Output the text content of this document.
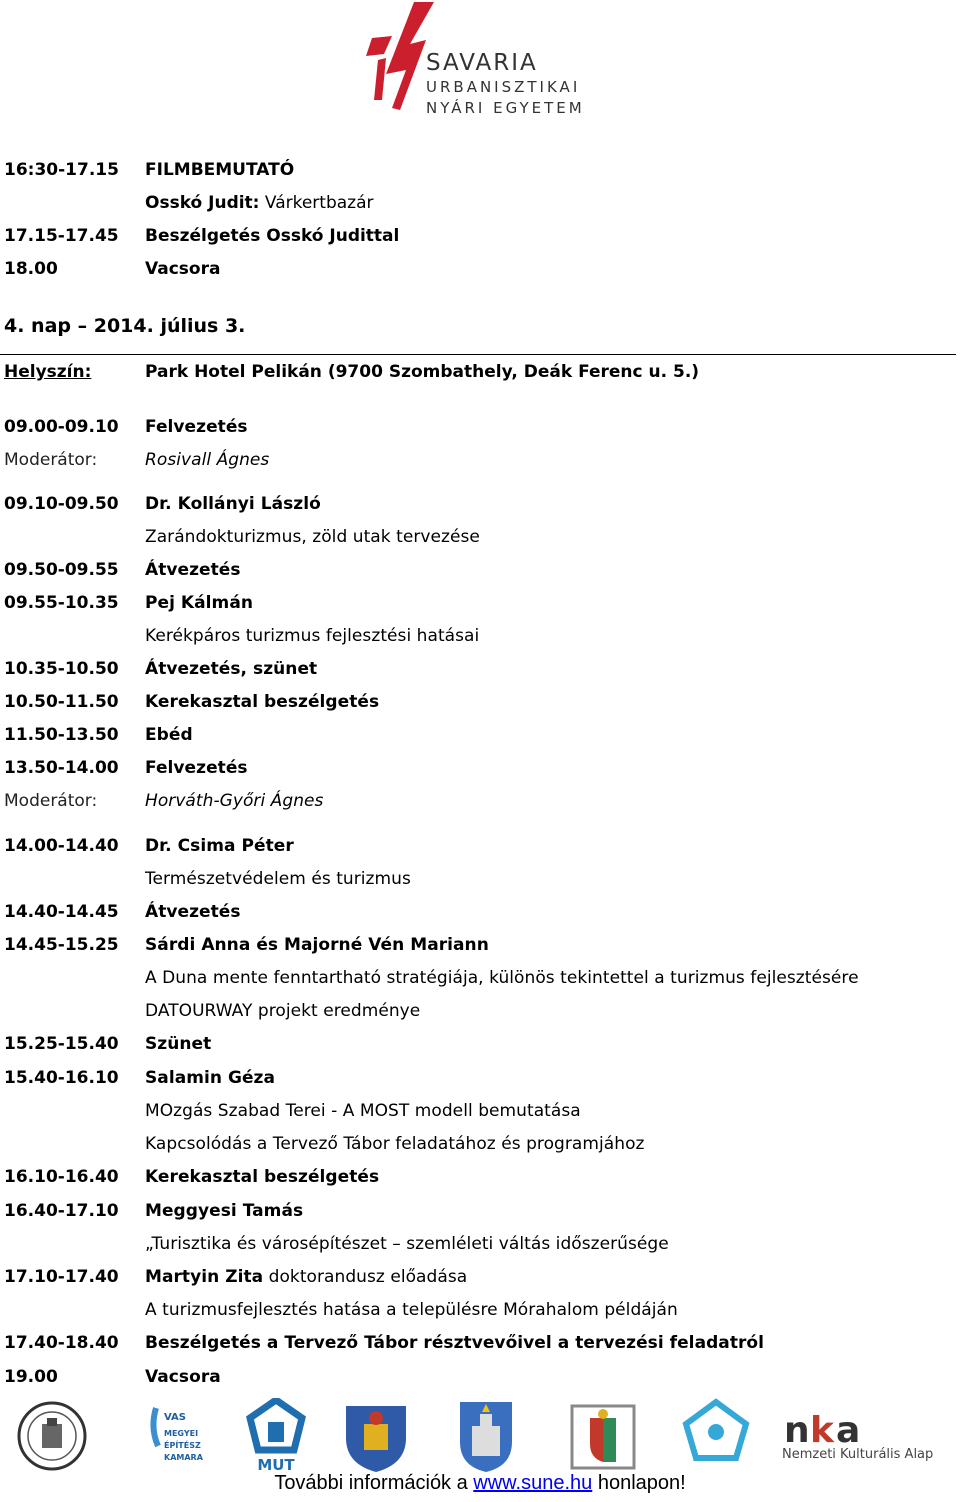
SAVARIA
URBANISZTIKAI
NYÁRI EGYETEM
16:30-17.15 FILMBEMUTATÓ
Osskó Judit: Várkertbazár
17.15-17.45 Beszélgetés Osskó Judittal
18.00	Vacsora
4. nap – 2014. július 3.
Helyszín:	Park Hotel Pelikán (9700 Szombathely, Deák Ferenc u. 5.)
09.00-09.10 Felvezetés
Moderátor:	Rosivall Ágnes
09.10-09.50 Dr. Kollányi László
Zarándokturizmus, zöld utak tervezése
09.50-09.55 Átvezetés
09.55-10.35 Pej Kálmán
Kerékpáros turizmus fejlesztési hatásai
10.35-10.50 Átvezetés, szünet
10.50-11.50 Kerekasztal beszélgetés
11.50-13.50 Ebéd
13.50-14.00 Felvezetés
Moderátor:	Horváth-Győri Ágnes
14.00-14.40 Dr. Csima Péter
Természetvédelem és turizmus
14.40-14.45 Átvezetés
14.45-15.25 Sárdi Anna és Majorné Vén Mariann
A Duna mente fenntartható stratégiája, különös tekintettel a turizmus fejlesztésére
DATOURWAY projekt eredménye
15.25-15.40 Szünet
15.40-16.10 Salamin Géza
MOzgás Szabad Terei - A MOST modell bemutatása
Kapcsolódás a Tervező Tábor feladatához és programjához
16.10-16.40 Kerekasztal beszélgetés
16.40-17.10 Meggyesi Tamás
„Turisztika és városépítészet – szemléleti váltás időszerűsége
17.10-17.40 Martyin Zita doktorandusz előadása
A turizmusfejlesztés hatása a településre Mórahalom példáján
17.40-18.40 Beszélgetés a Tervező Tábor résztvevőivel a tervezési feladatról
19.00	Vacsora
VAS
MEGYEI
ÉPÍTÉSZ
KAMARA	MUT
n k a
Nemzeti Kulturális Alap
További információk a www.sune.hu honlapon!
